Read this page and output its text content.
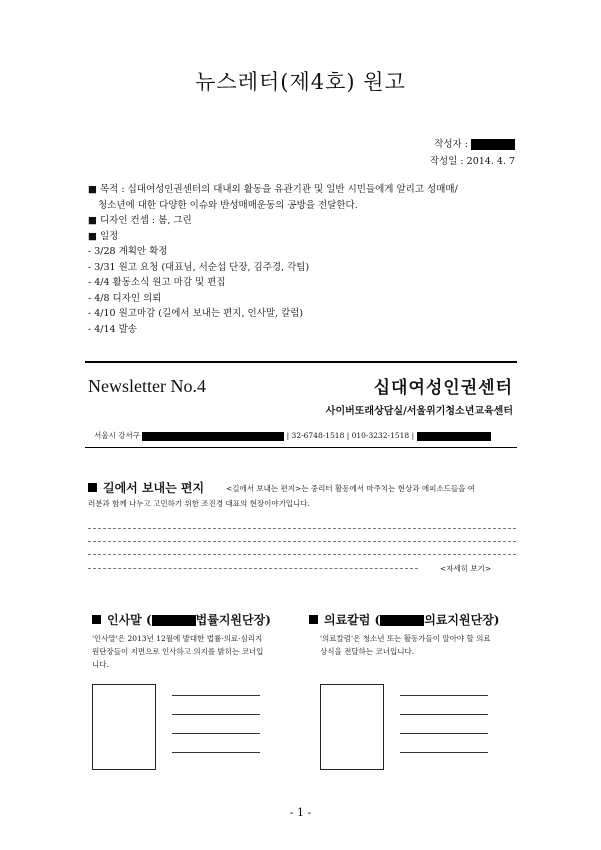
뉴스레터(제4호) 원고
작성자 :
작성일 : 2014. 4. 7
■ 목적 : 십대여성인권센터의 대내외 활동을 유관기관 및 일반 시민들에게 알리고 성매매/
청소년에 대한 다양한 이슈와 반성매매운동의 공방을 전달한다.
■ 디자인 컨셉 : 봄, 그린
■ 일정
- 3/28 계획안 확정
- 3/31 원고 요청 (대표님, 서순섭 단장, 김주경, 각팀)
- 4/4 활동소식 원고 마감 및 편집
- 4/8 디자인 의뢰
- 4/10 원고마감 (길에서 보내는 편지, 인사말, 칼럼)
- 4/14 발송
Newsletter No.4	십대여성인권센터
사이버또래상담실/서울위기청소년교육센터
서울시 강서구	| 32-6748-1518 | 010-3232-1518 |
길에서 보내는 편지	<길에서 보내는 편지>는 중리터 활동에서 마주치는 현상과 에피소드들을 여
러분과 함께 나누고 고민하기 위한 조진경 대표의 현장이야기입니다.
<자세히 보기>
인사말 (	법률지원단장)
'인사말'은 2013년 12월에 발대한 법률·의료·심리지
원단장들이 지면으로 인사하고 의지를 밝히는 코너입
니다.
의료칼럼 (	의료지원단장)
'의료칼럼'은 청소년 또는 활동가들이 알아야 할 의료
상식을 전달하는 코너입니다.
- 1 -
